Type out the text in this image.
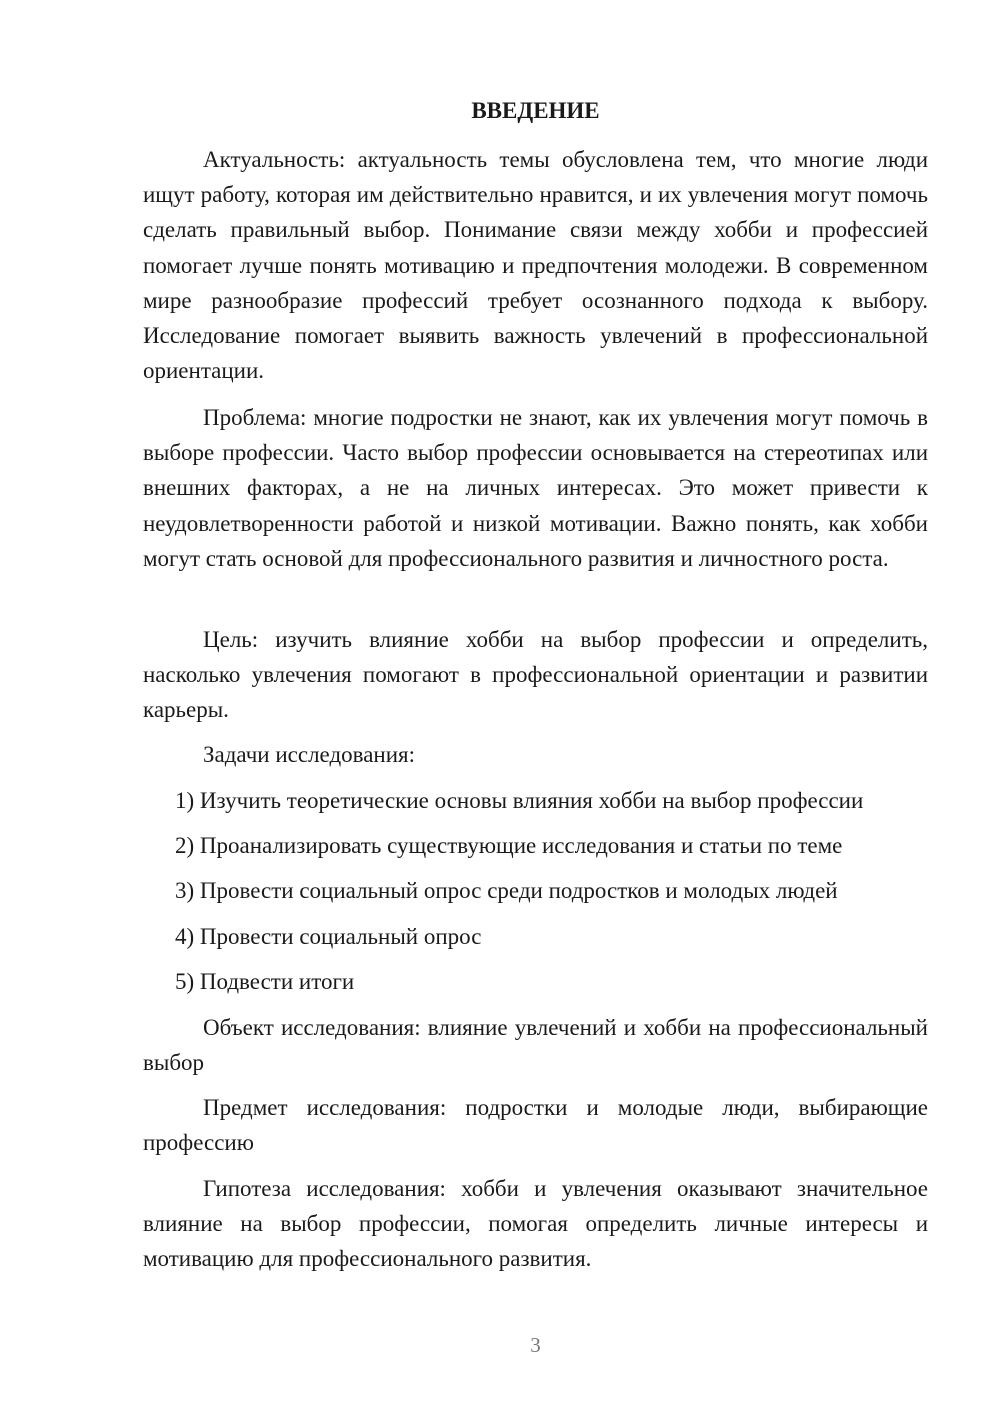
ВВЕДЕНИЕ

Актуальность: актуальность темы обусловлена тем, что многие люди ищут работу, которая им действительно нравится, и их увлечения могут помочь сделать правильный выбор. Понимание связи между хобби и профессией помогает лучше понять мотивацию и предпочтения молодежи. В современном мире разнообразие профессий требует осознанного подхода к выбору. Исследование помогает выявить важность увлечений в профессиональной ориентации.

Проблема: многие подростки не знают, как их увлечения могут помочь в выборе профессии. Часто выбор профессии основывается на стереотипах или внешних факторах, а не на личных интересах. Это может привести к неудовлетворенности работой и низкой мотивации. Важно понять, как хобби могут стать основой для профессионального развития и личностного роста.

Цель: изучить влияние хобби на выбор профессии и определить, насколько увлечения помогают в профессиональной ориентации и развитии карьеры.

Задачи исследования:

1) Изучить теоретические основы влияния хобби на выбор профессии

2) Проанализировать существующие исследования и статьи по теме

3) Провести социальный опрос среди подростков и молодых людей

4) Провести социальный опрос

5) Подвести итоги

Объект исследования: влияние увлечений и хобби на профессиональный выбор

Предмет исследования: подростки и молодые люди, выбирающие профессию

Гипотеза исследования: хобби и увлечения оказывают значительное влияние на выбор профессии, помогая определить личные интересы и мотивацию для профессионального развития.

3
